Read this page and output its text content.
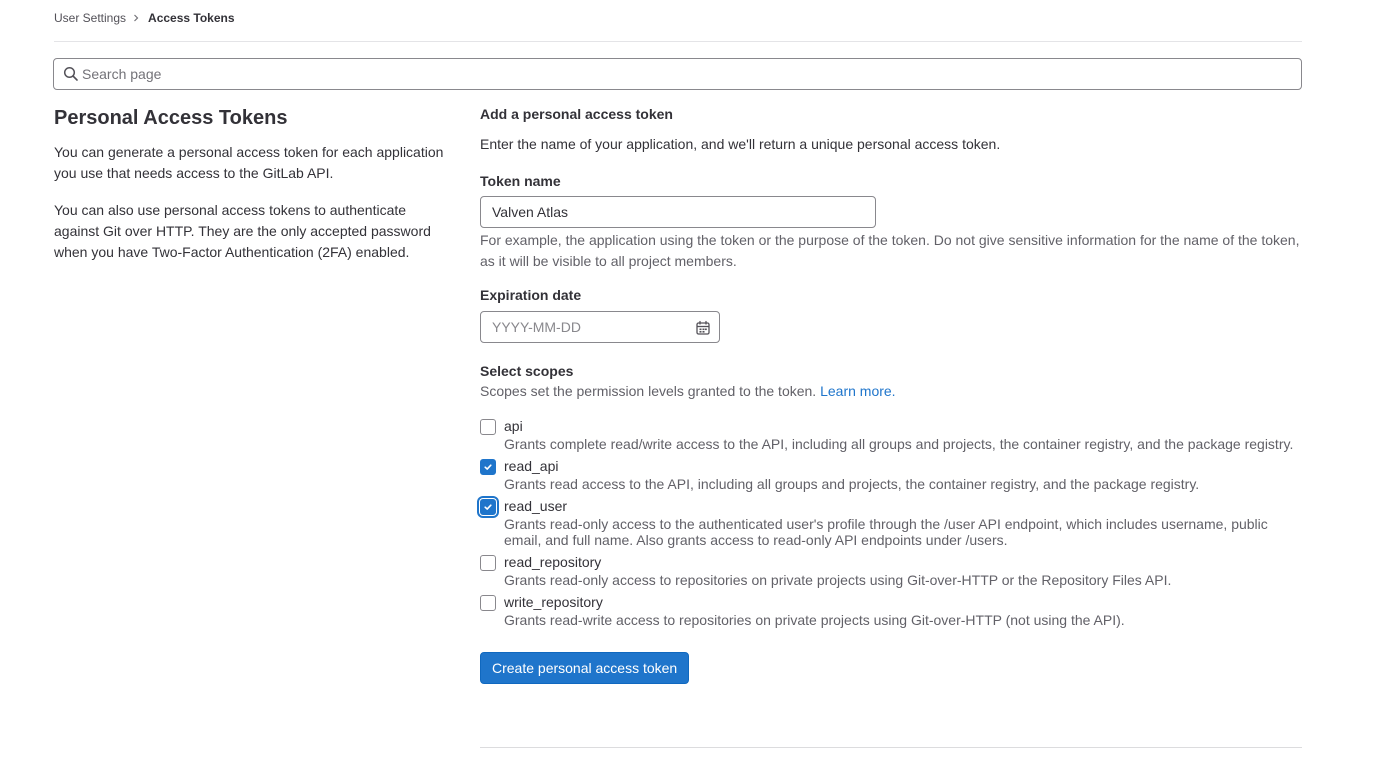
User Settings Access Tokens
Search page
Personal Access Tokens

You can generate a personal access token for each application you use that needs access to the GitLab API.

You can also use personal access tokens to authenticate against Git over HTTP. They are the only accepted password when you have Two-Factor Authentication (2FA) enabled.

Add a personal access token
Enter the name of your application, and we'll return a unique personal access token.
Token name
Valven Atlas
For example, the application using the token or the purpose of the token. Do not give sensitive information for the name of the token, as it will be visible to all project members.
Expiration date
YYYY-MM-DD
Select scopes
Scopes set the permission levels granted to the token. Learn more.
api
Grants complete read/write access to the API, including all groups and projects, the container registry, and the package registry.
read_api
Grants read access to the API, including all groups and projects, the container registry, and the package registry.
read_user
Grants read-only access to the authenticated user's profile through the /user API endpoint, which includes username, public email, and full name. Also grants access to read-only API endpoints under /users.
read_repository
Grants read-only access to repositories on private projects using Git-over-HTTP or the Repository Files API.
write_repository
Grants read-write access to repositories on private projects using Git-over-HTTP (not using the API).
Create personal access token
